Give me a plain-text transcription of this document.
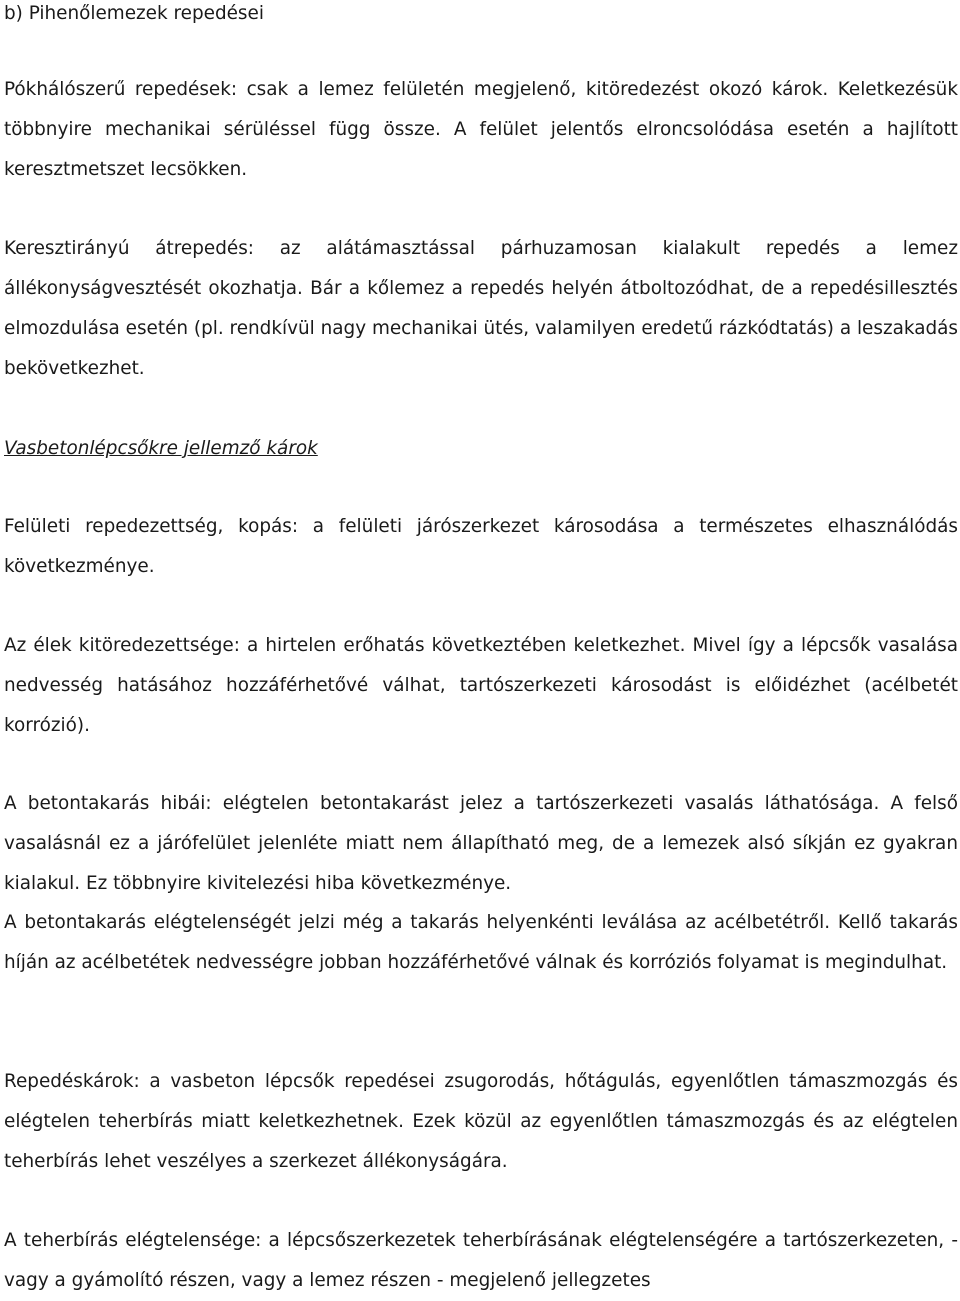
b) Pihenőlemezek repedései

Pókhálószerű repedések: csak a lemez felületén megjelenő, kitöredezést okozó károk. Keletkezésük többnyire mechanikai sérüléssel függ össze. A felület jelentős elroncsolódása esetén a hajlított keresztmetszet lecsökken.

Keresztirányú átrepedés: az alátámasztással párhuzamosan kialakult repedés a lemez állékonyságvesztését okozhatja. Bár a kőlemez a repedés helyén átboltozódhat, de a repedésillesztés elmozdulása esetén (pl. rendkívül nagy mechanikai ütés, valamilyen eredetű rázkódtatás) a leszakadás bekövetkezhet.

Vasbetonlépcsőkre jellemző károk

Felületi repedezettség, kopás: a felületi járószerkezet károsodása a természetes elhasználódás következménye.

Az élek kitöredezettsége: a hirtelen erőhatás következtében keletkezhet. Mivel így a lépcsők vasalása nedvesség hatásához hozzáférhetővé válhat, tartószerkezeti károsodást is előidézhet (acélbetét korrózió).

A betontakarás hibái: elégtelen betontakarást jelez a tartószerkezeti vasalás láthatósága. A felső vasalásnál ez a járófelület jelenléte miatt nem állapítható meg, de a lemezek alsó síkján ez gyakran kialakul. Ez többnyire kivitelezési hiba következménye.

A betontakarás elégtelenségét jelzi még a takarás helyenkénti leválása az acélbetétről. Kellő takarás híján az acélbetétek nedvességre jobban hozzáférhetővé válnak és korróziós folyamat is megindulhat.

Repedéskárok: a vasbeton lépcsők repedései zsugorodás, hőtágulás, egyenlőtlen támaszmozgás és elégtelen teherbírás miatt keletkezhetnek. Ezek közül az egyenlőtlen támaszmozgás és az elégtelen teherbírás lehet veszélyes a szerkezet állékonyságára.

A teherbírás elégtelensége: a lépcsőszerkezetek teherbírásának elégtelenségére a tartószerkezeten, - vagy a gyámolító részen, vagy a lemez részen - megjelenő jellegzetes
